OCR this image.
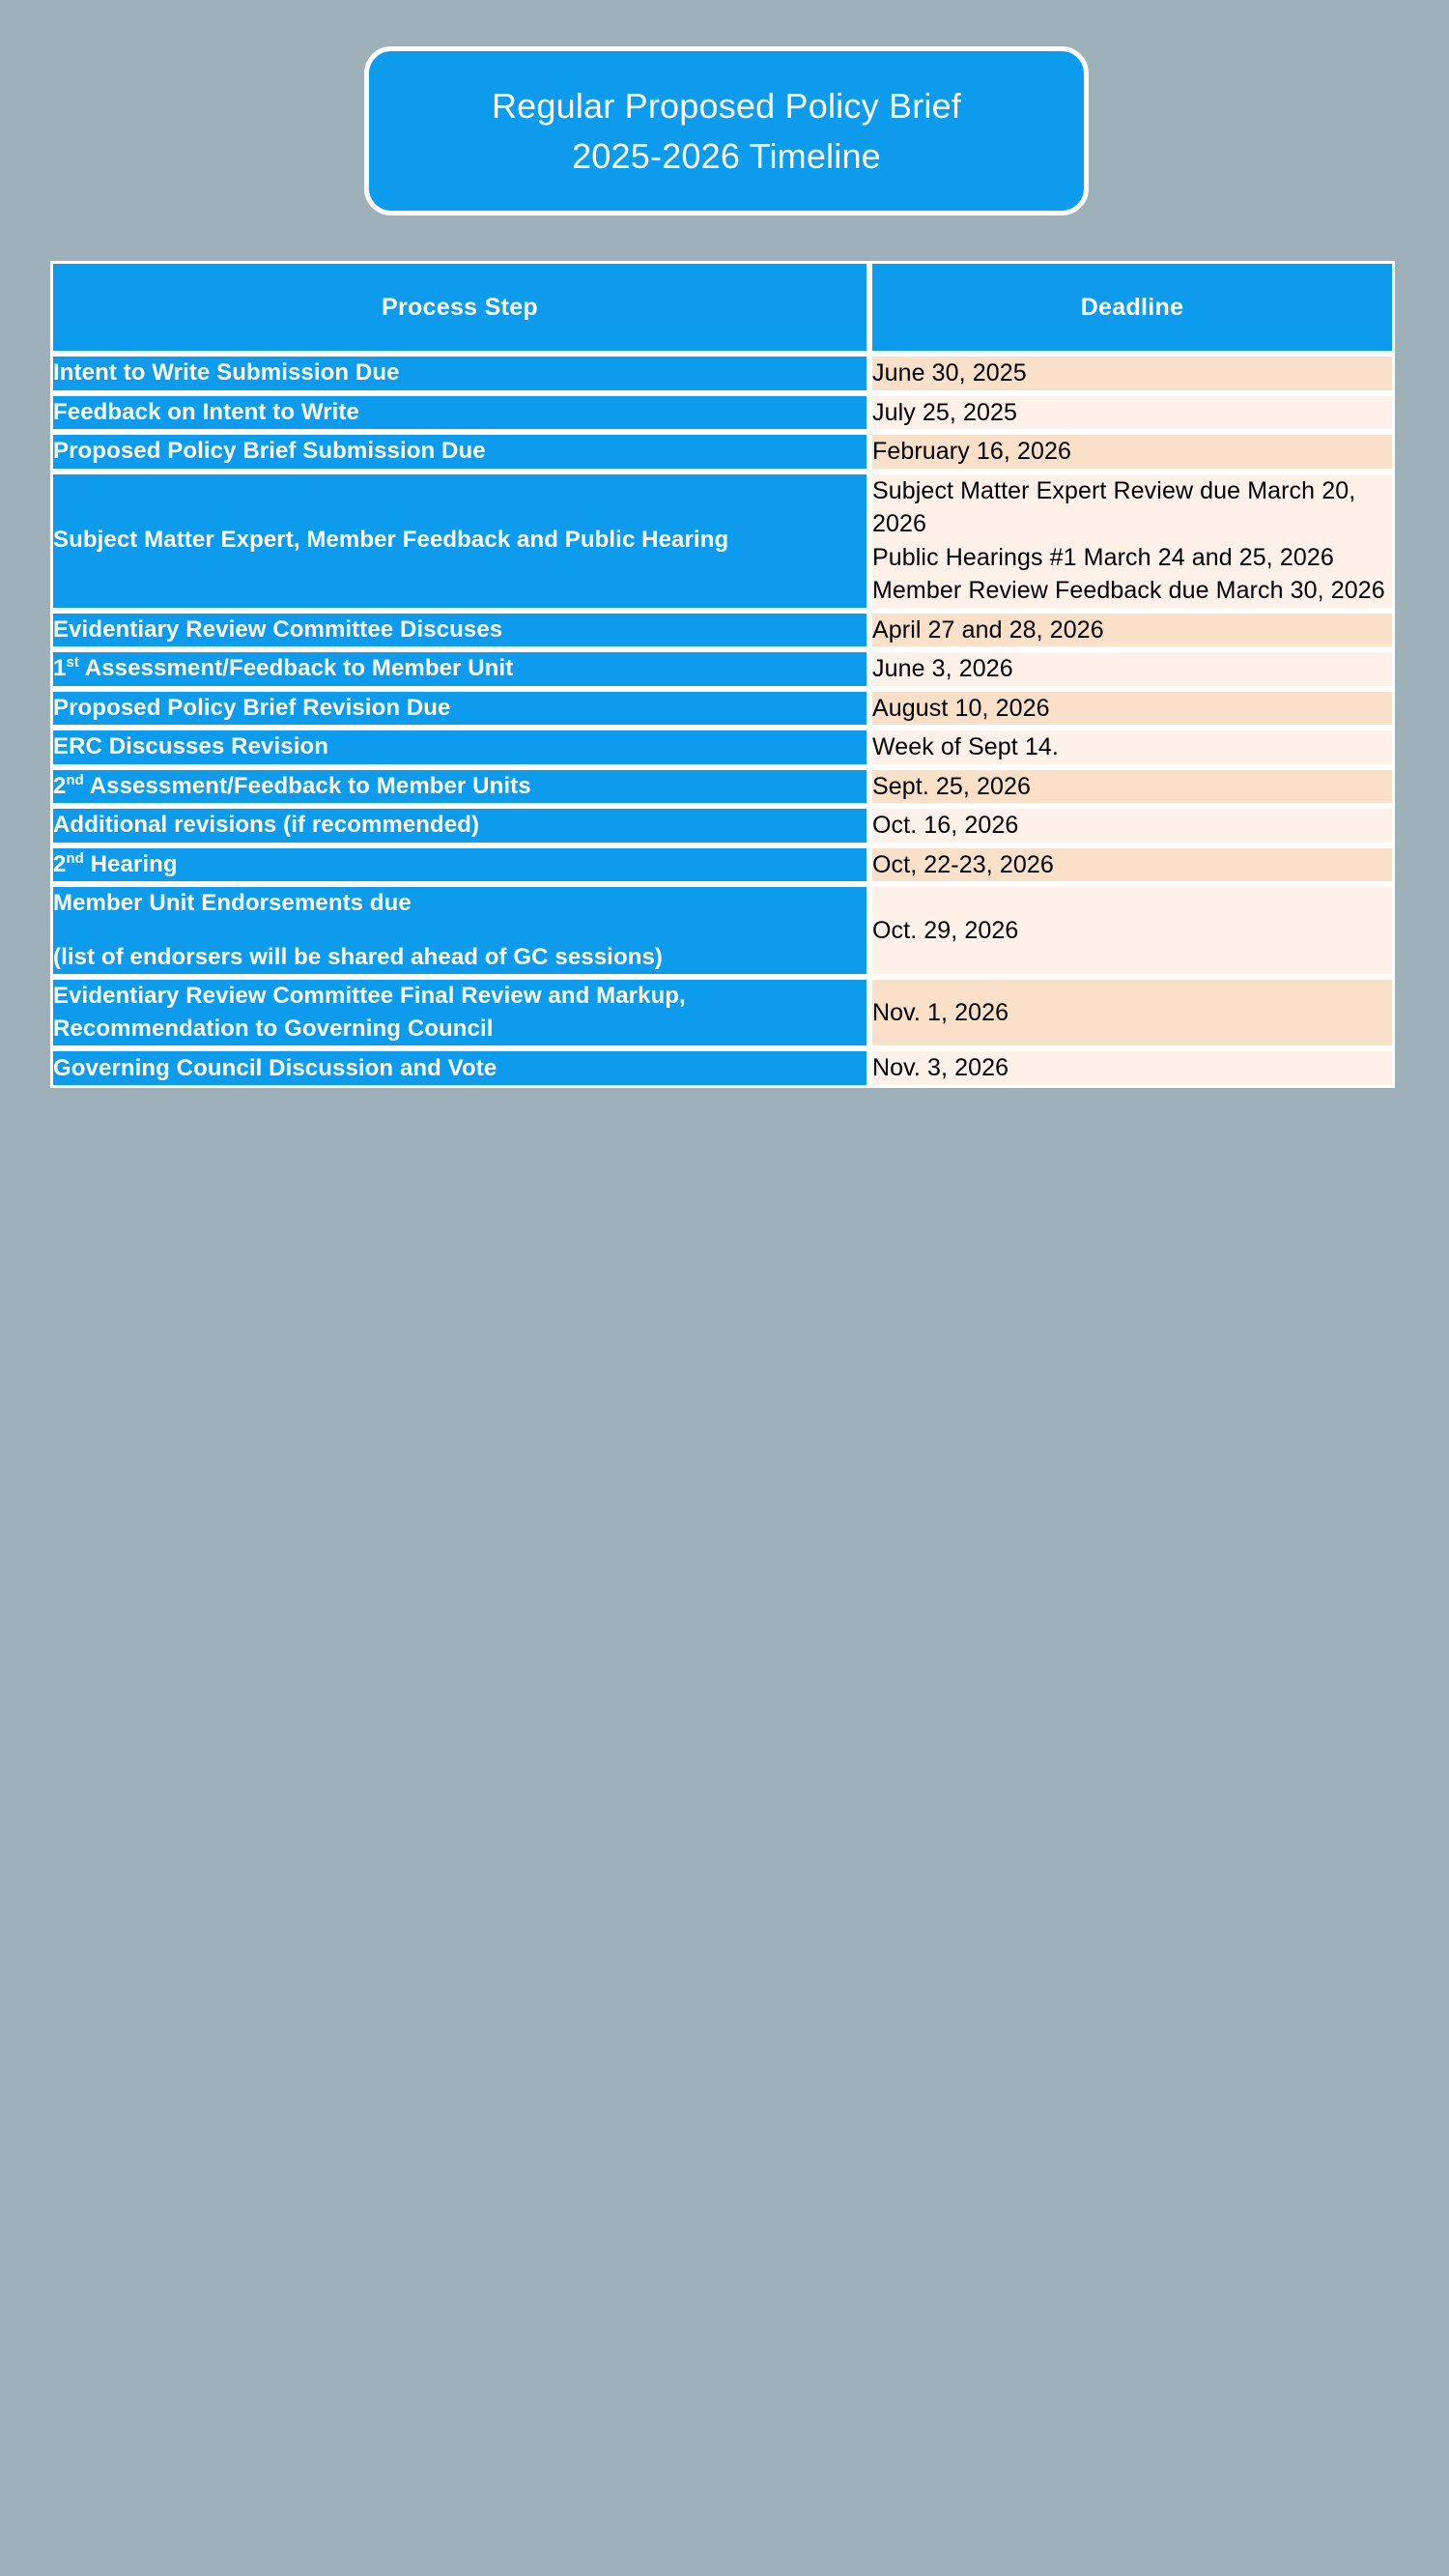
Regular Proposed Policy Brief
2025-2026 Timeline
Process Step	Deadline
Intent to Write Submission Due	June 30, 2025

Feedback on Intent to Write	July 25, 2025

Proposed Policy Brief Submission Due	February 16, 2026

Subject Matter Expert, Member Feedback and Public Hearing	Subject Matter Expert Review due March 20, 2026
Public Hearings #1 March 24 and 25, 2026
Member Review Feedback due March 30, 2026

Evidentiary Review Committee Discuses	April 27 and 28, 2026

1st Assessment/Feedback to Member Unit	June 3, 2026

Proposed Policy Brief Revision Due	August 10, 2026

ERC Discusses Revision	Week of Sept 14.

2nd Assessment/Feedback to Member Units	Sept. 25, 2026

Additional revisions (if recommended)	Oct. 16, 2026

2nd Hearing	Oct, 22-23, 2026

Member Unit Endorsements due
(list of endorsers will be shared ahead of GC sessions)	Oct. 29, 2026

Evidentiary Review Committee Final Review and Markup, Recommendation to Governing Council	Nov. 1, 2026

Governing Council Discussion and Vote	Nov. 3, 2026
